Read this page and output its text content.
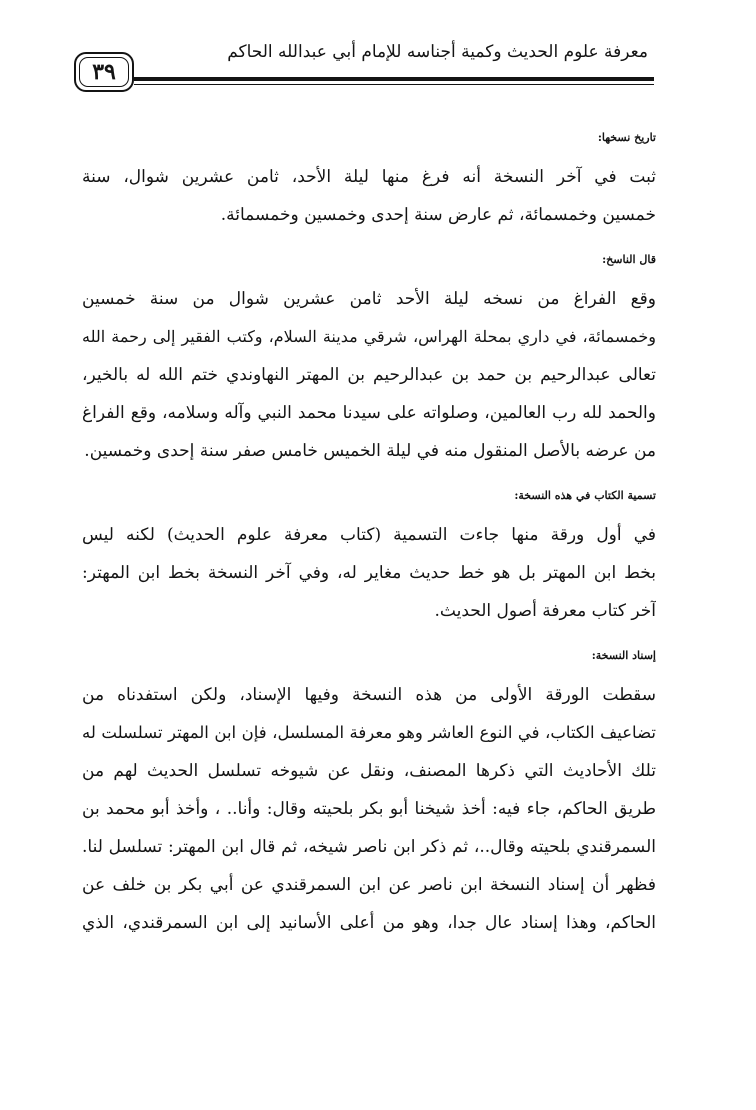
معرفة علوم الحديث وكمية أجناسه للإمام أبي عبدالله الحاكم
٣٩
تاريخ نسخها:
ثبت في آخر النسخة أنه فرغ منها ليلة الأحد، ثامن عشرين شوال، سنة
خمسين وخمسمائة، ثم عارض سنة إحدى وخمسين وخمسمائة.
قال الناسخ:
وقع الفراغ من نسخه ليلة الأحد ثامن عشرين شوال من سنة خمسين
وخمسمائة، في داري بمحلة الهراس، شرقي مدينة السلام، وكتب الفقير إلى رحمة الله
تعالى عبدالرحيم بن حمد بن عبدالرحيم بن المهتر النهاوندي ختم الله له بالخير،
والحمد لله رب العالمين، وصلواته على سيدنا محمد النبي وآله وسلامه، وقع الفراغ
من عرضه بالأصل المنقول منه في ليلة الخميس خامس صفر سنة إحدى وخمسين.
تسمية الكتاب في هذه النسخة:
في أول ورقة منها جاءت التسمية (كتاب معرفة علوم الحديث) لكنه ليس
بخط ابن المهتر بل هو خط حديث مغاير له، وفي آخر النسخة بخط ابن المهتر:
آخر كتاب معرفة أصول الحديث.
إسناد النسخة:
سقطت الورقة الأولى من هذه النسخة وفيها الإسناد، ولكن استفدناه من
تضاعيف الكتاب، في النوع العاشر وهو معرفة المسلسل، فإن ابن المهتر تسلسلت له
تلك الأحاديث التي ذكرها المصنف، ونقل عن شيوخه تسلسل الحديث لهم من
طريق الحاكم، جاء فيه: أخذ شيخنا أبو بكر بلحيته وقال: وأنا.. ، وأخذ أبو محمد بن
السمرقندي بلحيته وقال..، ثم ذكر ابن ناصر شيخه، ثم قال ابن المهتر: تسلسل لنا.
فظهر أن إسناد النسخة ابن ناصر عن ابن السمرقندي عن أبي بكر بن خلف عن
الحاكم، وهذا إسناد عال جدا، وهو من أعلى الأسانيد إلى ابن السمرقندي، الذي
